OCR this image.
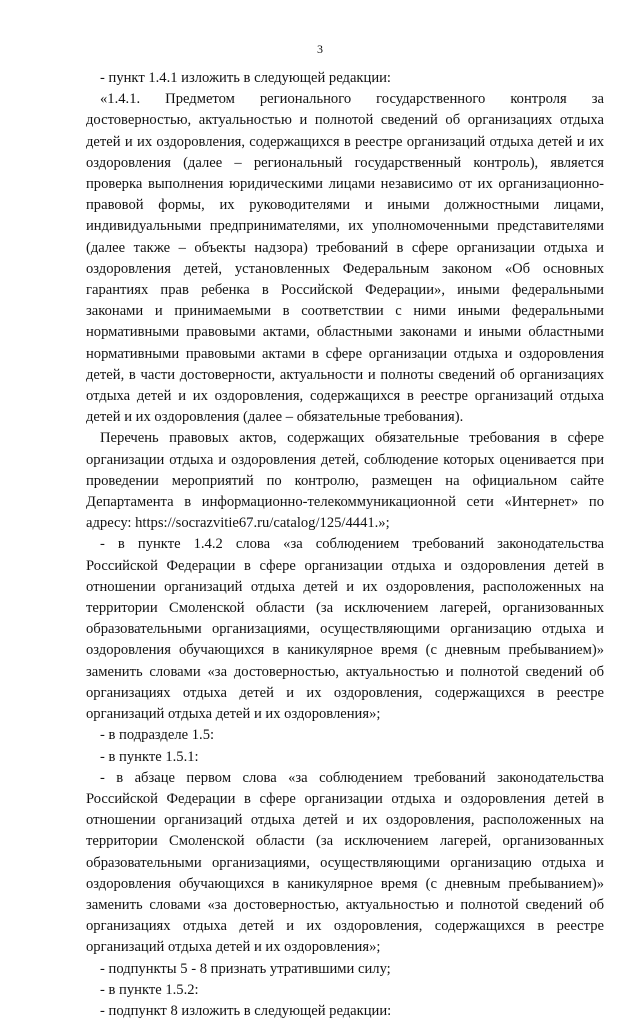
3

- пункт 1.4.1 изложить в следующей редакции:

«1.4.1. Предметом регионального государственного контроля за достоверностью, актуальностью и полнотой сведений об организациях отдыха детей и их оздоровления, содержащихся в реестре организаций отдыха детей и их оздоровления (далее – региональный государственный контроль), является проверка выполнения юридическими лицами независимо от их организационно-правовой формы, их руководителями и иными должностными лицами, индивидуальными предпринимателями, их уполномоченными представителями (далее также – объекты надзора) требований в сфере организации отдыха и оздоровления детей, установленных Федеральным законом «Об основных гарантиях прав ребенка в Российской Федерации», иными федеральными законами и принимаемыми в соответствии с ними иными федеральными нормативными правовыми актами, областными законами и иными областными нормативными правовыми актами в сфере организации отдыха и оздоровления детей, в части достоверности, актуальности и полноты сведений об организациях отдыха детей и их оздоровления, содержащихся в реестре организаций отдыха детей и их оздоровления (далее – обязательные требования).

Перечень правовых актов, содержащих обязательные требования в сфере организации отдыха и оздоровления детей, соблюдение которых оценивается при проведении мероприятий по контролю, размещен на официальном сайте Департамента в информационно-телекоммуникационной сети «Интернет» по адресу: https://socrazvitie67.ru/catalog/125/4441.»;

- в пункте 1.4.2 слова «за соблюдением требований законодательства Российской Федерации в сфере организации отдыха и оздоровления детей в отношении организаций отдыха детей и их оздоровления, расположенных на территории Смоленской области (за исключением лагерей, организованных образовательными организациями, осуществляющими организацию отдыха и оздоровления обучающихся в каникулярное время (с дневным пребыванием)» заменить словами «за достоверностью, актуальностью и полнотой сведений об организациях отдыха детей и их оздоровления, содержащихся в реестре организаций отдыха детей и их оздоровления»;

- в подразделе 1.5:

- в пункте 1.5.1:

- в абзаце первом слова «за соблюдением требований законодательства Российской Федерации в сфере организации отдыха и оздоровления детей в отношении организаций отдыха детей и их оздоровления, расположенных на территории Смоленской области (за исключением лагерей, организованных образовательными организациями, осуществляющими организацию отдыха и оздоровления обучающихся в каникулярное время (с дневным пребыванием)» заменить словами «за достоверностью, актуальностью и полнотой сведений об организациях отдыха детей и их оздоровления, содержащихся в реестре организаций отдыха детей и их оздоровления»;

- подпункты 5 - 8 признать утратившими силу;

- в пункте 1.5.2:

- подпункт 8 изложить в следующей редакции:
